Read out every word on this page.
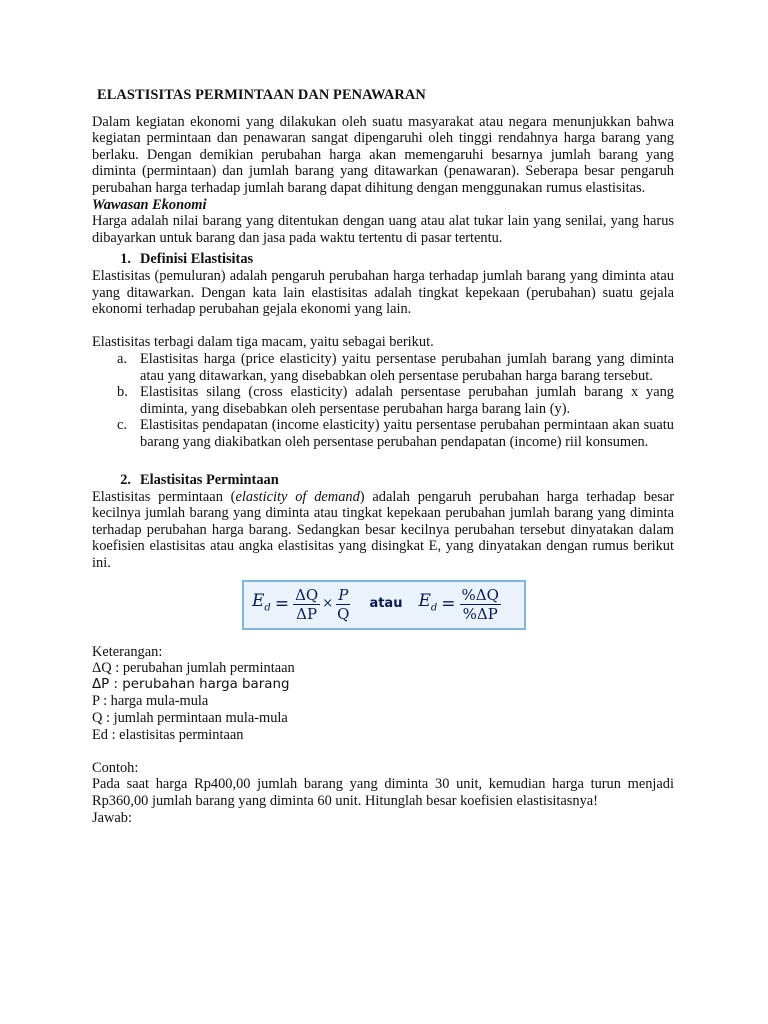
ELASTISITAS PERMINTAAN DAN PENAWARAN

Dalam kegiatan ekonomi yang dilakukan oleh suatu masyarakat atau negara menunjukkan bahwa kegiatan permintaan dan penawaran sangat dipengaruhi oleh tinggi rendahnya harga barang yang berlaku. Dengan demikian perubahan harga akan memengaruhi besarnya jumlah barang yang diminta (permintaan) dan jumlah barang yang ditawarkan (penawaran). Seberapa besar pengaruh perubahan harga terhadap jumlah barang dapat dihitung dengan menggunakan rumus elastisitas.

Wawasan Ekonomi

Harga adalah nilai barang yang ditentukan dengan uang atau alat tukar lain yang senilai, yang harus dibayarkan untuk barang dan jasa pada waktu tertentu di pasar tertentu.

1. Definisi Elastisitas

Elastisitas (pemuluran) adalah pengaruh perubahan harga terhadap jumlah barang yang diminta atau yang ditawarkan. Dengan kata lain elastisitas adalah tingkat kepekaan (perubahan) suatu gejala ekonomi terhadap perubahan gejala ekonomi yang lain.

Elastisitas terbagi dalam tiga macam, yaitu sebagai berikut.

a. Elastisitas harga (price elasticity) yaitu persentase perubahan jumlah barang yang diminta atau yang ditawarkan, yang disebabkan oleh persentase perubahan harga barang tersebut.
b. Elastisitas silang (cross elasticity) adalah persentase perubahan jumlah barang x yang diminta, yang disebabkan oleh persentase perubahan harga barang lain (y).
c. Elastisitas pendapatan (income elasticity) yaitu persentase perubahan permintaan akan suatu barang yang diakibatkan oleh persentase perubahan pendapatan (income) riil konsumen.
2. Elastisitas Permintaan

Elastisitas permintaan (elasticity of demand) adalah pengaruh perubahan harga terhadap besar kecilnya jumlah barang yang diminta atau tingkat kepekaan perubahan jumlah barang yang diminta terhadap perubahan harga barang. Sedangkan besar kecilnya perubahan tersebut dinyatakan dalam koefisien elastisitas atau angka elastisitas yang disingkat E, yang dinyatakan dengan rumus berikut ini.

$E_d = \frac{\Delta Q}{\Delta P} \times \frac{P}{Q}$ atau $E_d = \frac{\%\Delta Q}{\%\Delta P}$

Keterangan:

ΔQ : perubahan jumlah permintaan

ΔP : perubahan harga barang

P : harga mula-mula

Q : jumlah permintaan mula-mula

Ed : elastisitas permintaan

Contoh:

Pada saat harga Rp400,00 jumlah barang yang diminta 30 unit, kemudian harga turun menjadi Rp360,00 jumlah barang yang diminta 60 unit. Hitunglah besar koefisien elastisitasnya!

Jawab:
